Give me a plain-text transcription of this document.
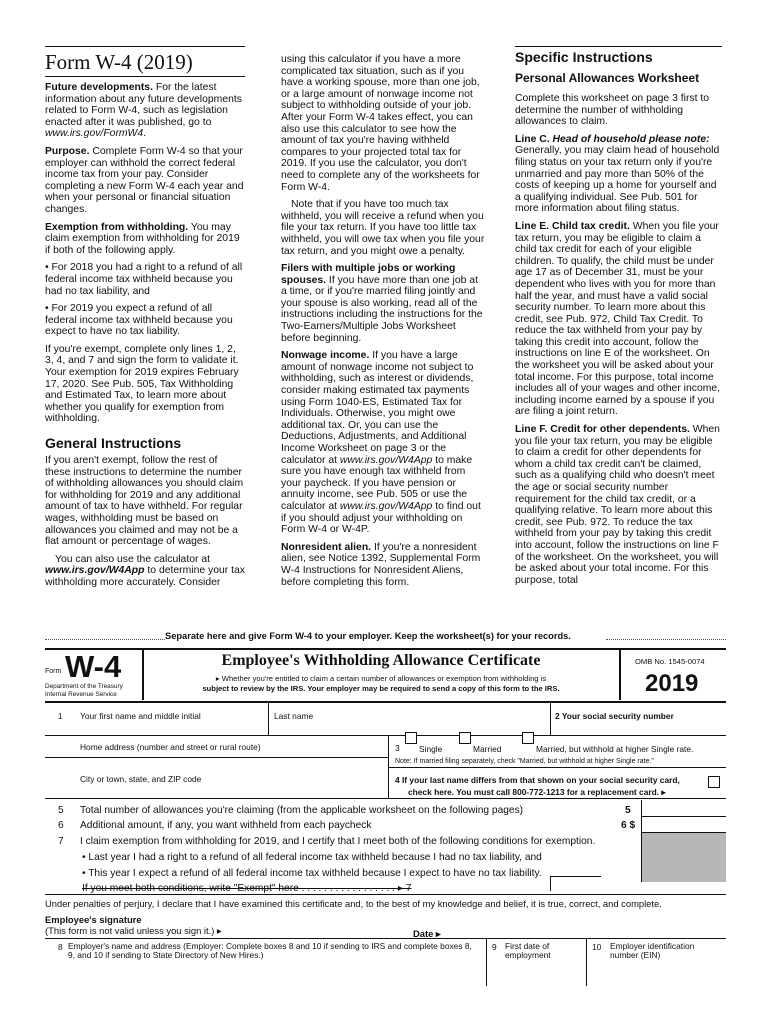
Form W-4 (2019)

Future developments. For the latest information about any future developments related to Form W-4, such as legislation enacted after it was published, go to www.irs.gov/FormW4.

Purpose. Complete Form W-4 so that your employer can withhold the correct federal income tax from your pay. Consider completing a new Form W-4 each year and when your personal or financial situation changes.

Exemption from withholding. You may claim exemption from withholding for 2019 if both of the following apply.

• For 2018 you had a right to a refund of all federal income tax withheld because you had no tax liability, and

• For 2019 you expect a refund of all federal income tax withheld because you expect to have no tax liability.

If you're exempt, complete only lines 1, 2, 3, 4, and 7 and sign the form to validate it. Your exemption for 2019 expires February 17, 2020. See Pub. 505, Tax Withholding and Estimated Tax, to learn more about whether you qualify for exemption from withholding.

General Instructions

If you aren't exempt, follow the rest of these instructions to determine the number of withholding allowances you should claim for withholding for 2019 and any additional amount of tax to have withheld. For regular wages, withholding must be based on allowances you claimed and may not be a flat amount or percentage of wages.

You can also use the calculator at www.irs.gov/W4App to determine your tax withholding more accurately. Consider

using this calculator if you have a more complicated tax situation, such as if you have a working spouse, more than one job, or a large amount of nonwage income not subject to withholding outside of your job. After your Form W-4 takes effect, you can also use this calculator to see how the amount of tax you're having withheld compares to your projected total tax for 2019. If you use the calculator, you don't need to complete any of the worksheets for Form W-4.

Note that if you have too much tax withheld, you will receive a refund when you file your tax return. If you have too little tax withheld, you will owe tax when you file your tax return, and you might owe a penalty.

Filers with multiple jobs or working spouses. If you have more than one job at a time, or if you're married filing jointly and your spouse is also working, read all of the instructions including the instructions for the Two-Earners/Multiple Jobs Worksheet before beginning.

Nonwage income. If you have a large amount of nonwage income not subject to withholding, such as interest or dividends, consider making estimated tax payments using Form 1040-ES, Estimated Tax for Individuals. Otherwise, you might owe additional tax. Or, you can use the Deductions, Adjustments, and Additional Income Worksheet on page 3 or the calculator at www.irs.gov/W4App to make sure you have enough tax withheld from your paycheck. If you have pension or annuity income, see Pub. 505 or use the calculator at www.irs.gov/W4App to find out if you should adjust your withholding on Form W-4 or W-4P.

Nonresident alien. If you're a nonresident alien, see Notice 1392, Supplemental Form W-4 Instructions for Nonresident Aliens, before completing this form.

Specific Instructions
Personal Allowances Worksheet

Complete this worksheet on page 3 first to determine the number of withholding allowances to claim.

Line C. Head of household please note: Generally, you may claim head of household filing status on your tax return only if you're unmarried and pay more than 50% of the costs of keeping up a home for yourself and a qualifying individual. See Pub. 501 for more information about filing status.

Line E. Child tax credit. When you file your tax return, you may be eligible to claim a child tax credit for each of your eligible children. To qualify, the child must be under age 17 as of December 31, must be your dependent who lives with you for more than half the year, and must have a valid social security number. To learn more about this credit, see Pub. 972, Child Tax Credit. To reduce the tax withheld from your pay by taking this credit into account, follow the instructions on line E of the worksheet. On the worksheet you will be asked about your total income. For this purpose, total income includes all of your wages and other income, including income earned by a spouse if you are filing a joint return.

Line F. Credit for other dependents. When you file your tax return, you may be eligible to claim a credit for other dependents for whom a child tax credit can't be claimed, such as a qualifying child who doesn't meet the age or social security number requirement for the child tax credit, or a qualifying relative. To learn more about this credit, see Pub. 972. To reduce the tax withheld from your pay by taking this credit into account, follow the instructions on line F of the worksheet. On the worksheet, you will be asked about your total income. For this purpose, total

Separate here and give Form W-4 to your employer. Keep the worksheet(s) for your records.
Form W-4
Department of the Treasury
Internal Revenue Service
Employee's Withholding Allowance Certificate
▸ Whether you're entitled to claim a certain number of allowances or exemption from withholding is
subject to review by the IRS. Your employer may be required to send a copy of this form to the IRS.
OMB No. 1545-0074
2019
1 Your first name and middle initial	Last name	2 Your social security number
Home address (number and street or rural route)	3 Single	Married	Married, but withhold at higher Single rate.
Note: If married filing separately, check "Married, but withhold at higher Single rate."
City or town, state, and ZIP code	4 If your last name differs from that shown on your social security card,
check here. You must call 800-772-1213 for a replacement card. ▸
5 Total number of allowances you're claiming (from the applicable worksheet on the following pages)	5
6 Additional amount, if any, you want withheld from each paycheck	6 $
7 I claim exemption from withholding for 2019, and I certify that I meet both of the following conditions for exemption.
• Last year I had a right to a refund of all federal income tax withheld because I had no tax liability, and
• This year I expect a refund of all federal income tax withheld because I expect to have no tax liability.
If you meet both conditions, write "Exempt" here . . . . . . . . . . . . . . . . . ▸ 7
Under penalties of perjury, I declare that I have examined this certificate and, to the best of my knowledge and belief, it is true, correct, and complete.
Employee's signature
(This form is not valid unless you sign it.) ▸	Date ▸
8 Employer's name and address (Employer: Complete boxes 8 and 10 if sending to IRS and complete boxes 8, 9, and 10 if sending to State Directory of New Hires.)
9 First date of employment
10 Employer identification number (EIN)
